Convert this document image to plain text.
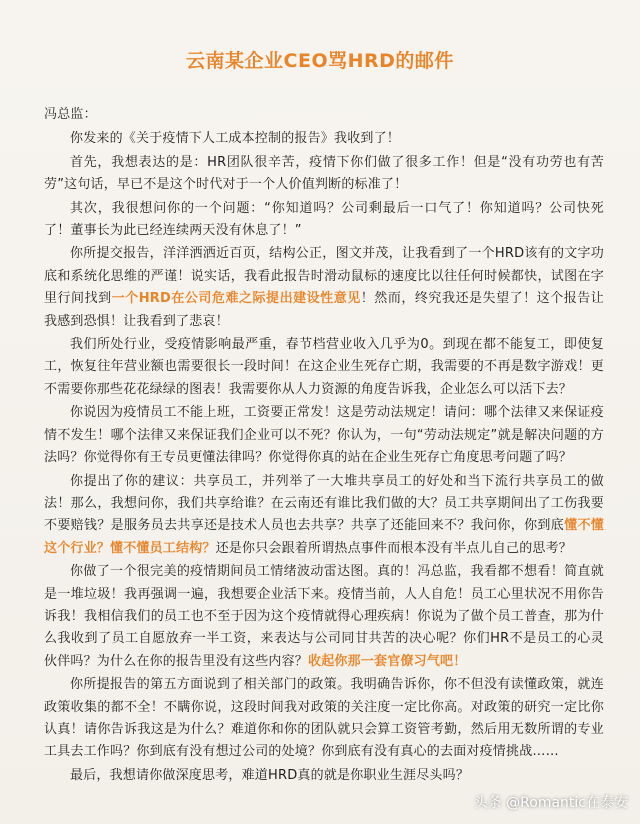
云南某企业CEO骂HRD的邮件
冯总监：

你发来的《关于疫情下人工成本控制的报告》我收到了！

首先，我想表达的是：HR团队很辛苦，疫情下你们做了很多工作！但是“没有功劳也有苦劳”这句话，早已不是这个时代对于一个人价值判断的标准了！

其次，我很想问你的一个问题：“你知道吗？公司剩最后一口气了！你知道吗？公司快死了！董事长为此已经连续两天没有休息了！”

你所提交报告，洋洋洒洒近百页，结构公正，图文并茂，让我看到了一个HRD该有的文字功底和系统化思维的严谨！说实话，我看此报告时滑动鼠标的速度比以往任何时候都快，试图在字里行间找到一个HRD在公司危难之际提出建设性意见！然而，终究我还是失望了！这个报告让我感到恐惧！让我看到了悲哀！

我们所处行业，受疫情影响最严重，春节档营业收入几乎为0。到现在都不能复工，即使复工，恢复往年营业额也需要很长一段时间！在这企业生死存亡期，我需要的不再是数字游戏！更不需要你那些花花绿绿的图表！我需要你从人力资源的角度告诉我，企业怎么可以活下去？

你说因为疫情员工不能上班，工资要正常发！这是劳动法规定！请问：哪个法律又来保证疫情不发生！哪个法律又来保证我们企业可以不死？你认为，一句“劳动法规定”就是解决问题的方法吗？你觉得你有王专员更懂法律吗？你觉得你真的站在企业生死存亡角度思考问题了吗？

你提出了你的建议：共享员工，并列举了一大堆共享员工的好处和当下流行共享员工的做法！那么，我想问你，我们共享给谁？在云南还有谁比我们做的大？员工共享期间出了工伤我要不要赔钱？是服务员去共享还是技术人员也去共享？共享了还能回来不？我问你，你到底懂不懂这个行业？懂不懂员工结构？还是你只会跟着所谓热点事件而根本没有半点儿自己的思考？

你做了一个很完美的疫情期间员工情绪波动雷达图。真的！冯总监，我看都不想看！简直就是一堆垃圾！我再强调一遍，我想要企业活下来。疫情当前，人人自危！员工心里状况不用你告诉我！我相信我们的员工也不至于因为这个疫情就得心理疾病！你说为了做个员工普查，那为什么我收到了员工自愿放弃一半工资，来表达与公司同甘共苦的决心呢？你们HR不是员工的心灵伙伴吗？为什么在你的报告里没有这些内容？收起你那一套官僚习气吧！

你所提报告的第五方面说到了相关部门的政策。我明确告诉你，你不但没有读懂政策，就连政策收集的都不全！不瞒你说，这段时间我对政策的关注度一定比你高。对政策的研究一定比你认真！请你告诉我这是为什么？难道你和你的团队就只会算工资管考勤，然后用无数所谓的专业工具去工作吗？你到底有没有想过公司的处境？你到底有没有真心的去面对疫情挑战……

最后，我想请你做深度思考，难道HRD真的就是你职业生涯尽头吗？

头条 @Romantic在泰安
